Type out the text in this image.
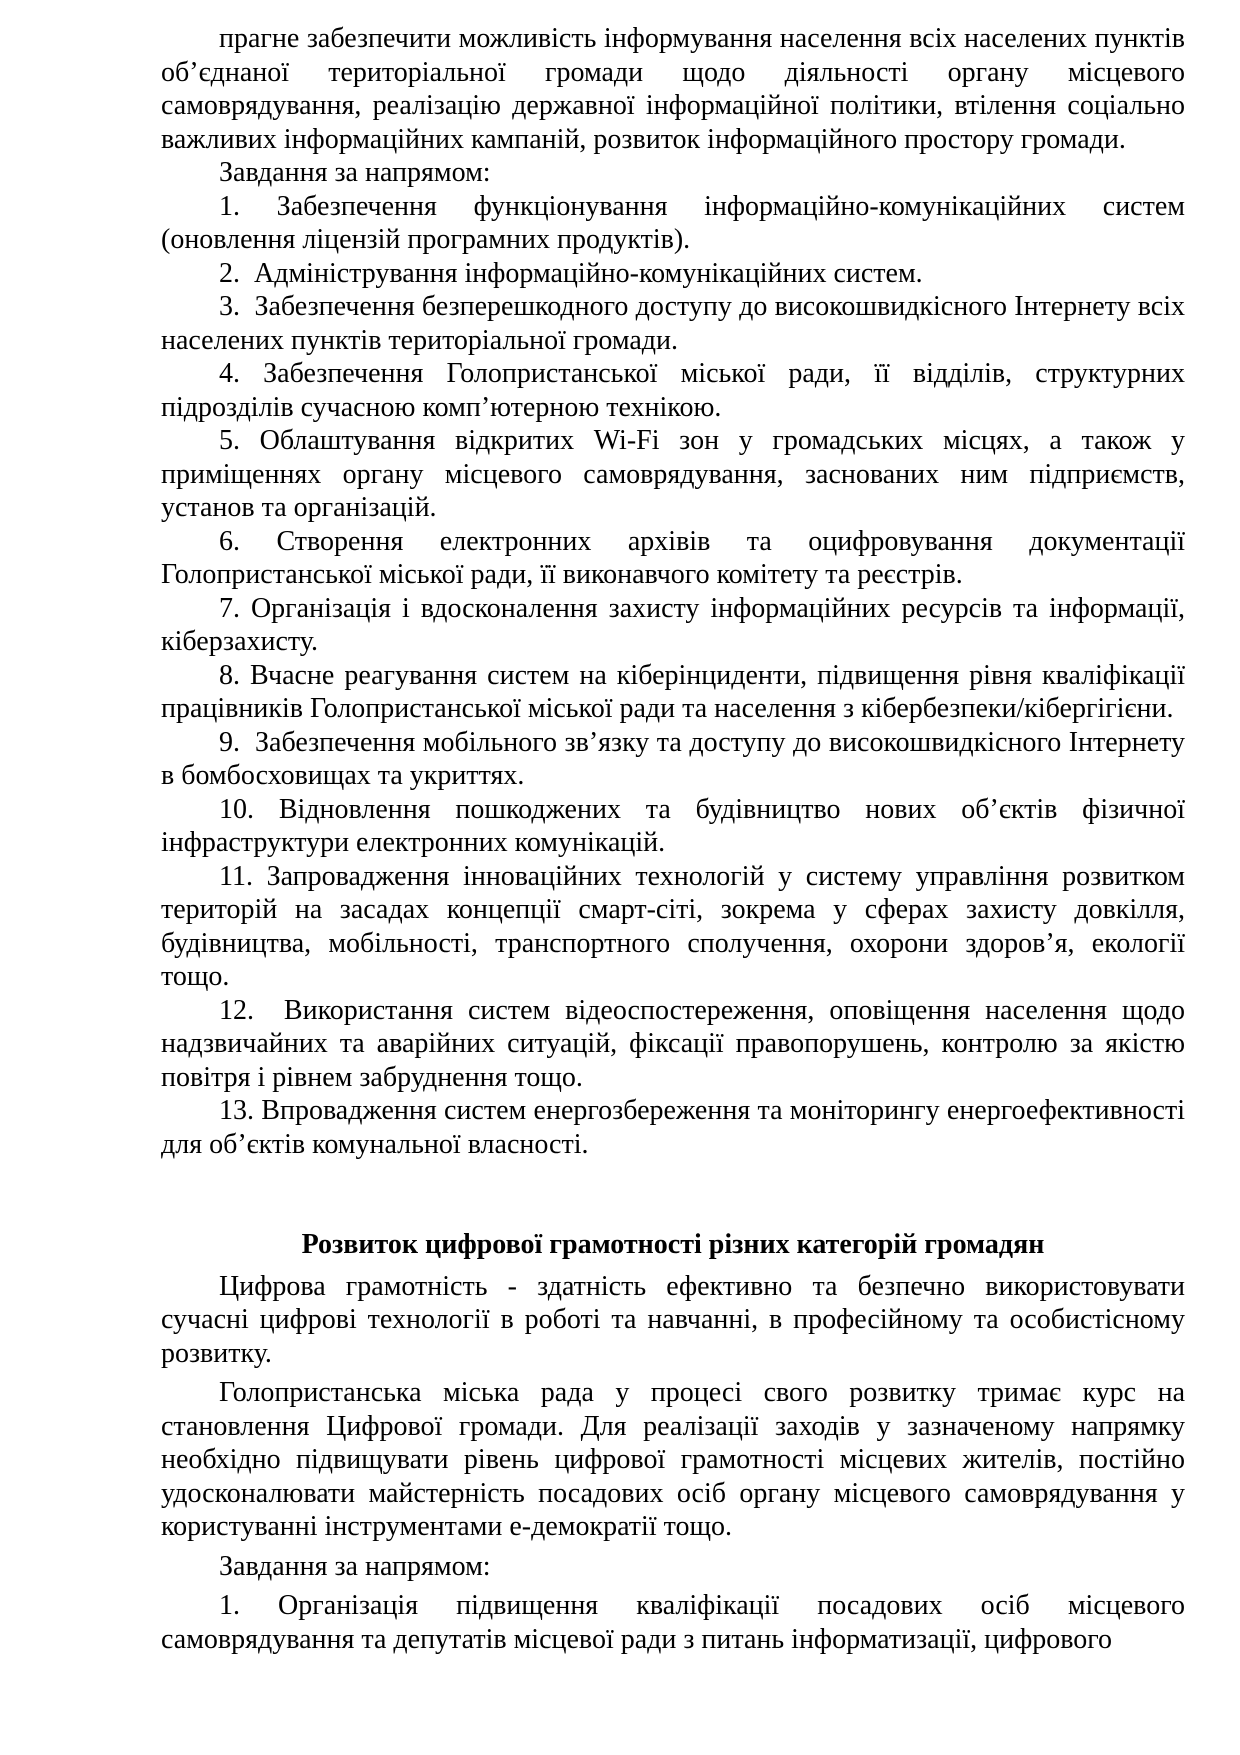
прагне забезпечити можливість інформування населення всіх населених пунктів об’єднаної територіальної громади щодо діяльності органу місцевого самоврядування, реалізацію державної інформаційної політики, втілення соціально важливих інформаційних кампаній, розвиток інформаційного простору громади.

Завдання за напрямом:

1. Забезпечення функціонування інформаційно-комунікаційних систем (оновлення ліцензій програмних продуктів).

2.  Адміністрування інформаційно-комунікаційних систем.

3.  Забезпечення безперешкодного доступу до високошвидкісного Інтернету всіх населених пунктів територіальної громади.

4. Забезпечення Голопристанської міської ради, її відділів, структурних підрозділів сучасною комп’ютерною технікою.

5. Облаштування відкритих Wi-Fi зон у громадських місцях, а також у приміщеннях органу місцевого самоврядування, заснованих ним підприємств, установ та організацій.

6. Створення електронних архівів та оцифровування документації Голопристанської міської ради, її виконавчого комітету та реєстрів.

7. Організація і вдосконалення захисту інформаційних ресурсів та інформації, кіберзахисту.

8. Вчасне реагування систем на кіберінциденти, підвищення рівня кваліфікації працівників Голопристанської міської ради та населення з кібербезпеки/кібергігієни.

9.  Забезпечення мобільного зв’язку та доступу до високошвидкісного Інтернету в бомбосховищах та укриттях.

10. Відновлення пошкоджених та будівництво нових об’єктів фізичної інфраструктури електронних комунікацій.

11. Запровадження інноваційних технологій у систему управління розвитком територій на засадах концепції смарт-сіті, зокрема у сферах захисту довкілля, будівництва, мобільності, транспортного сполучення, охорони здоров’я, екології тощо.

12.  Використання систем відеоспостереження, оповіщення населення щодо надзвичайних та аварійних ситуацій, фіксації правопорушень, контролю за якістю повітря і рівнем забруднення тощо.

13. Впровадження систем енергозбереження та моніторингу енергоефективності для об’єктів комунальної власності.

Розвиток цифрової грамотності різних категорій громадян

Цифрова грамотність - здатність ефективно та безпечно використовувати сучасні цифрові технології в роботі та навчанні, в професійному та особистісному розвитку.

Голопристанська міська рада у процесі свого розвитку тримає курс на становлення Цифрової громади. Для реалізації заходів у зазначеному напрямку необхідно підвищувати рівень цифрової грамотності місцевих жителів, постійно удосконалювати майстерність посадових осіб органу місцевого самоврядування у користуванні інструментами е-демократії тощо.

Завдання за напрямом:

1. Організація підвищення кваліфікації посадових осіб місцевого самоврядування та депутатів місцевої ради з питань інформатизації, цифрового
